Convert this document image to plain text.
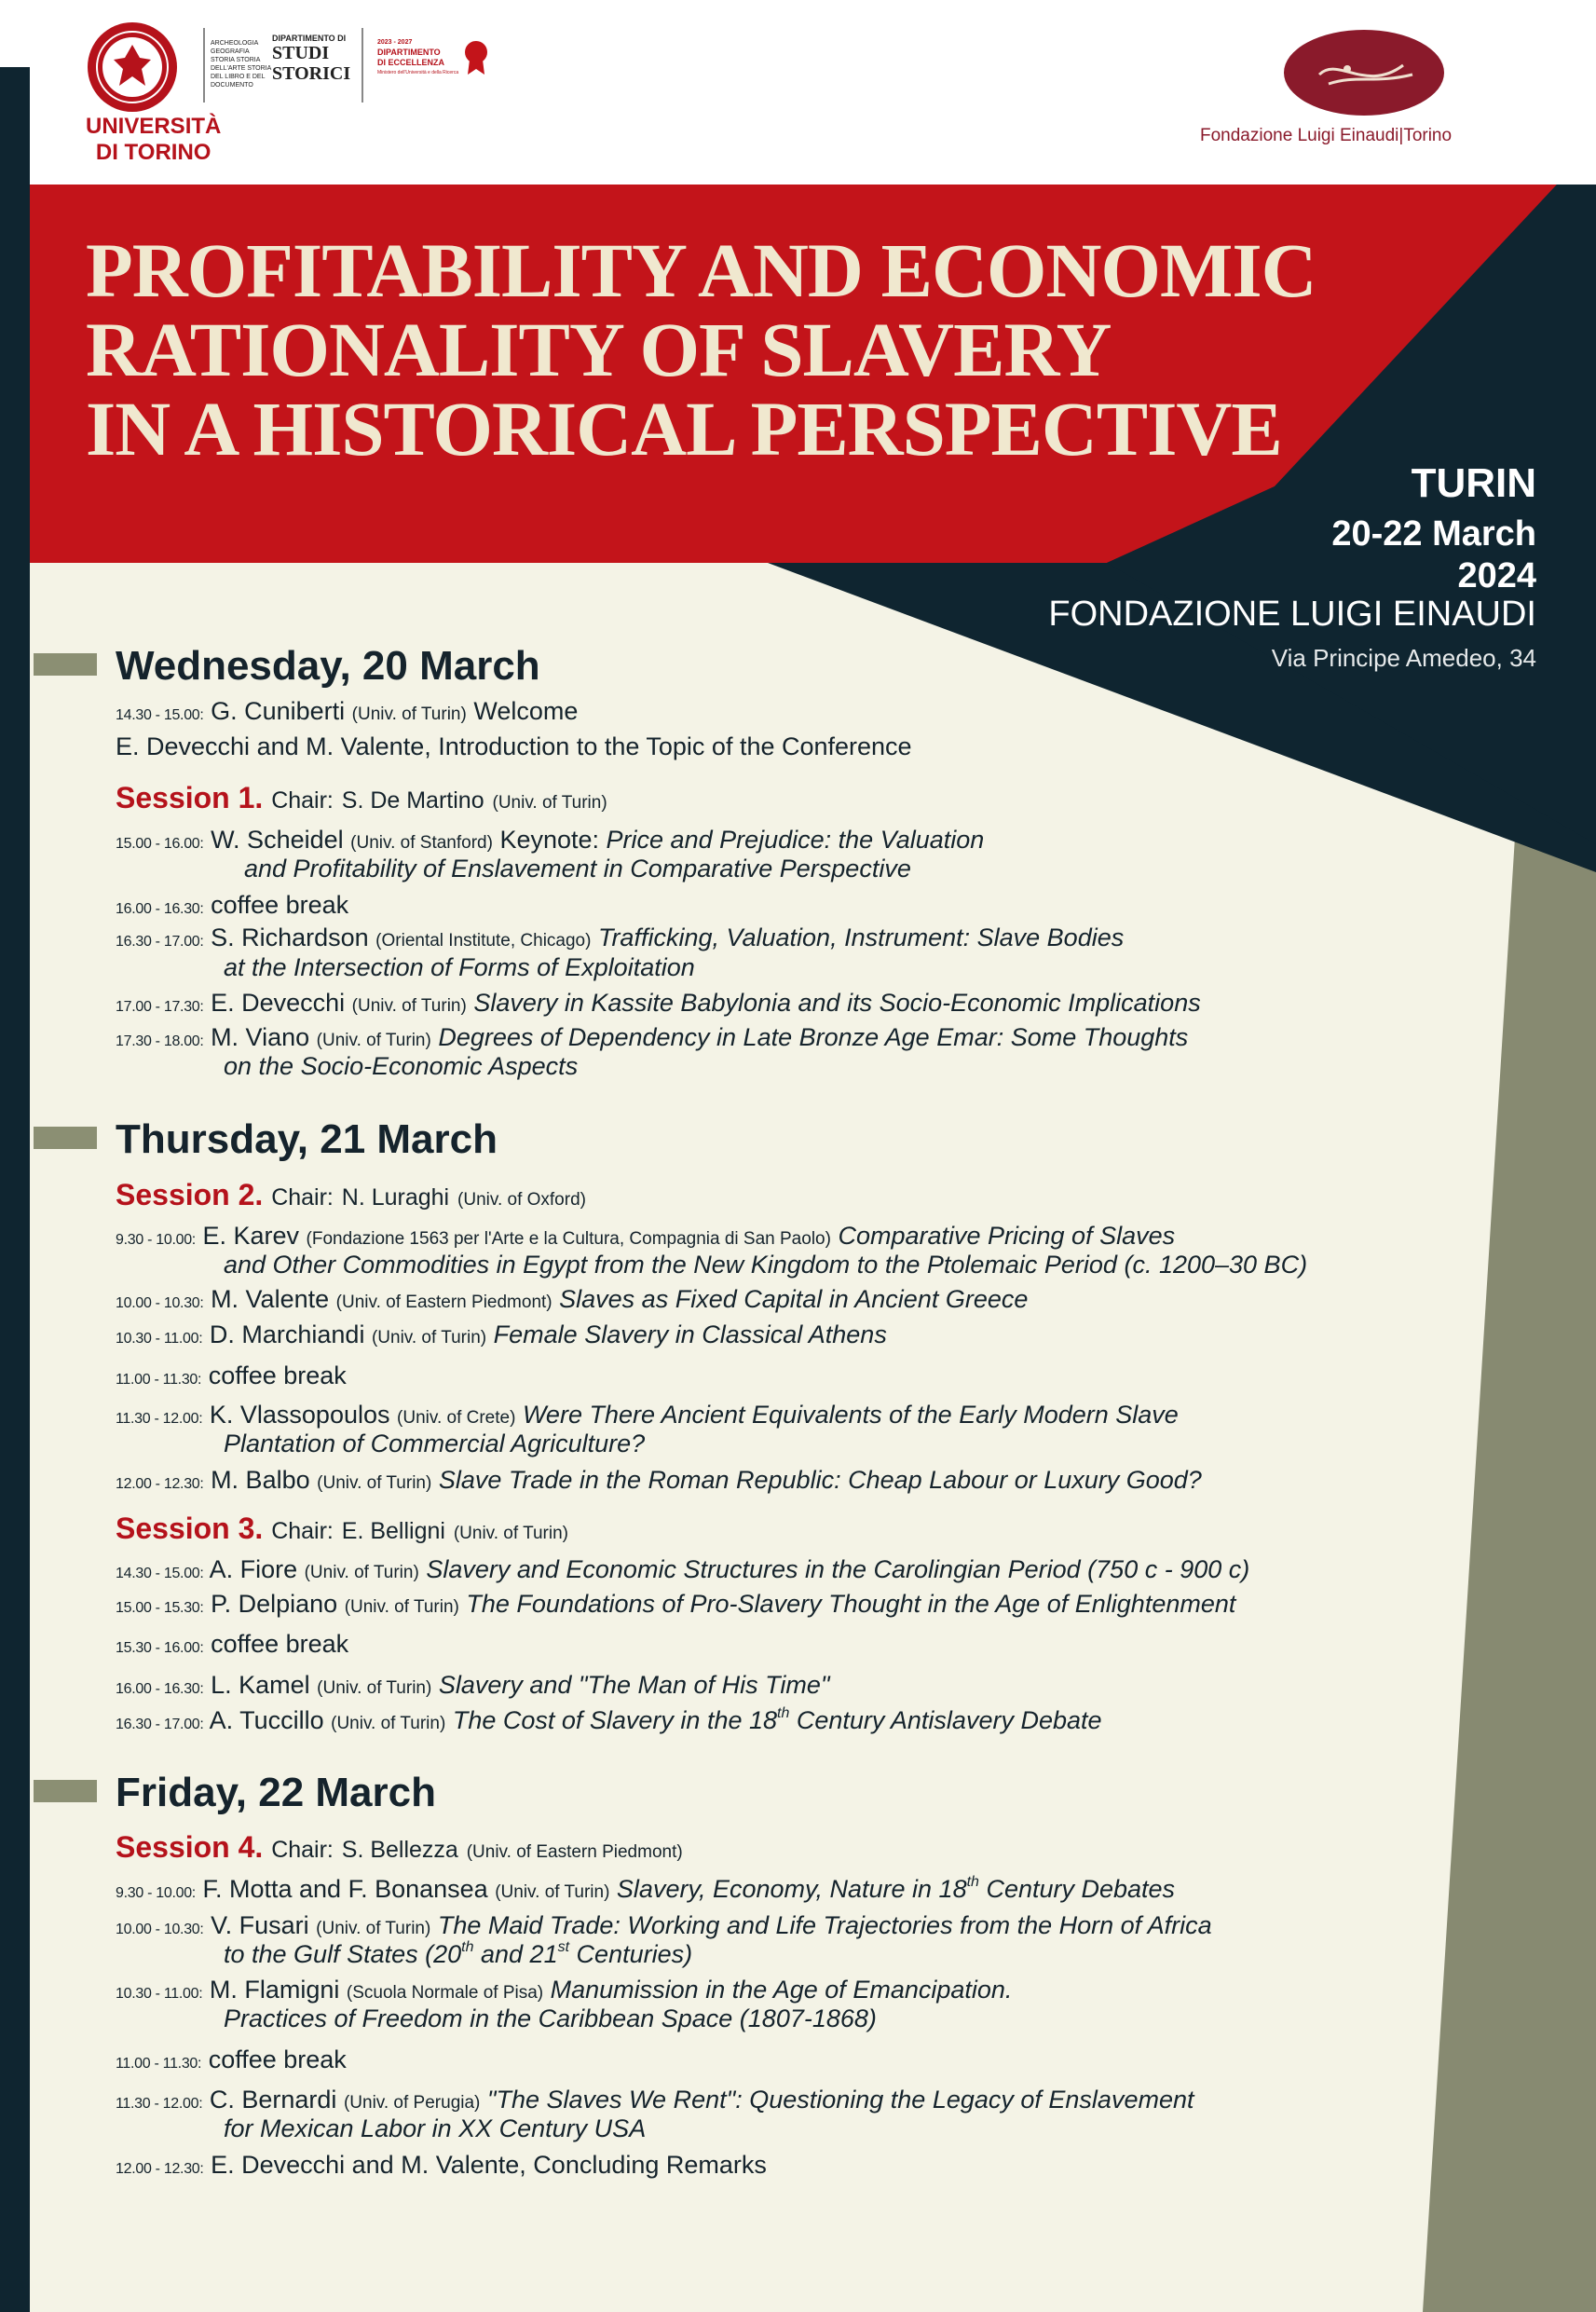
UNIVERSITÀ
DI TORINO
ARCHEOLOGIA GEOGRAFIA STORIA STORIA DELL'ARTE STORIA DEL LIBRO E DEL DOCUMENTO
DIPARTIMENTO DI
STUDI
STORICI
2023 - 2027
DIPARTIMENTO
DI ECCELLENZA
Ministero dell'Università e della Ricerca
Fondazione Luigi Einaudi|Torino
PROFITABILITY AND ECONOMIC
RATIONALITY OF SLAVERY
IN A HISTORICAL PERSPECTIVE
TURIN
20-22 March
2024
FONDAZIONE LUIGI EINAUDI
Via Principe Amedeo, 34
Wednesday, 20 March
14.30 - 15.00: G. Cuniberti (Univ. of Turin) Welcome
E. Devecchi and M. Valente, Introduction to the Topic of the Conference
Session 1. Chair: S. De Martino (Univ. of Turin)
15.00 - 16.00: W. Scheidel (Univ. of Stanford) Keynote: Price and Prejudice: the Valuation
and Profitability of Enslavement in Comparative Perspective
16.00 - 16.30: coffee break
16.30 - 17.00: S. Richardson (Oriental Institute, Chicago) Trafficking, Valuation, Instrument: Slave Bodies
at the Intersection of Forms of Exploitation
17.00 - 17.30: E. Devecchi (Univ. of Turin) Slavery in Kassite Babylonia and its Socio-Economic Implications
17.30 - 18.00: M. Viano (Univ. of Turin) Degrees of Dependency in Late Bronze Age Emar: Some Thoughts
on the Socio-Economic Aspects
Thursday, 21 March
Session 2. Chair: N. Luraghi (Univ. of Oxford)
9.30 - 10.00: E. Karev (Fondazione 1563 per l'Arte e la Cultura, Compagnia di San Paolo) Comparative Pricing of Slaves
and Other Commodities in Egypt from the New Kingdom to the Ptolemaic Period (c. 1200–30 BC)
10.00 - 10.30: M. Valente (Univ. of Eastern Piedmont) Slaves as Fixed Capital in Ancient Greece
10.30 - 11.00: D. Marchiandi (Univ. of Turin) Female Slavery in Classical Athens
11.00 - 11.30: coffee break
11.30 - 12.00: K. Vlassopoulos (Univ. of Crete) Were There Ancient Equivalents of the Early Modern Slave
Plantation of Commercial Agriculture?
12.00 - 12.30: M. Balbo (Univ. of Turin) Slave Trade in the Roman Republic: Cheap Labour or Luxury Good?
Session 3. Chair: E. Belligni (Univ. of Turin)
14.30 - 15.00: A. Fiore (Univ. of Turin) Slavery and Economic Structures in the Carolingian Period (750 c - 900 c)
15.00 - 15.30: P. Delpiano (Univ. of Turin) The Foundations of Pro-Slavery Thought in the Age of Enlightenment
15.30 - 16.00: coffee break
16.00 - 16.30: L. Kamel (Univ. of Turin) Slavery and "The Man of His Time"
16.30 - 17.00: A. Tuccillo (Univ. of Turin) The Cost of Slavery in the 18th Century Antislavery Debate
Friday, 22 March
Session 4. Chair: S. Bellezza (Univ. of Eastern Piedmont)
9.30 - 10.00: F. Motta and F. Bonansea (Univ. of Turin) Slavery, Economy, Nature in 18th Century Debates
10.00 - 10.30: V. Fusari (Univ. of Turin) The Maid Trade: Working and Life Trajectories from the Horn of Africa
to the Gulf States (20th and 21st Centuries)
10.30 - 11.00: M. Flamigni (Scuola Normale of Pisa) Manumission in the Age of Emancipation.
Practices of Freedom in the Caribbean Space (1807-1868)
11.00 - 11.30: coffee break
11.30 - 12.00: C. Bernardi (Univ. of Perugia) "The Slaves We Rent": Questioning the Legacy of Enslavement
for Mexican Labor in XX Century USA
12.00 - 12.30: E. Devecchi and M. Valente, Concluding Remarks
